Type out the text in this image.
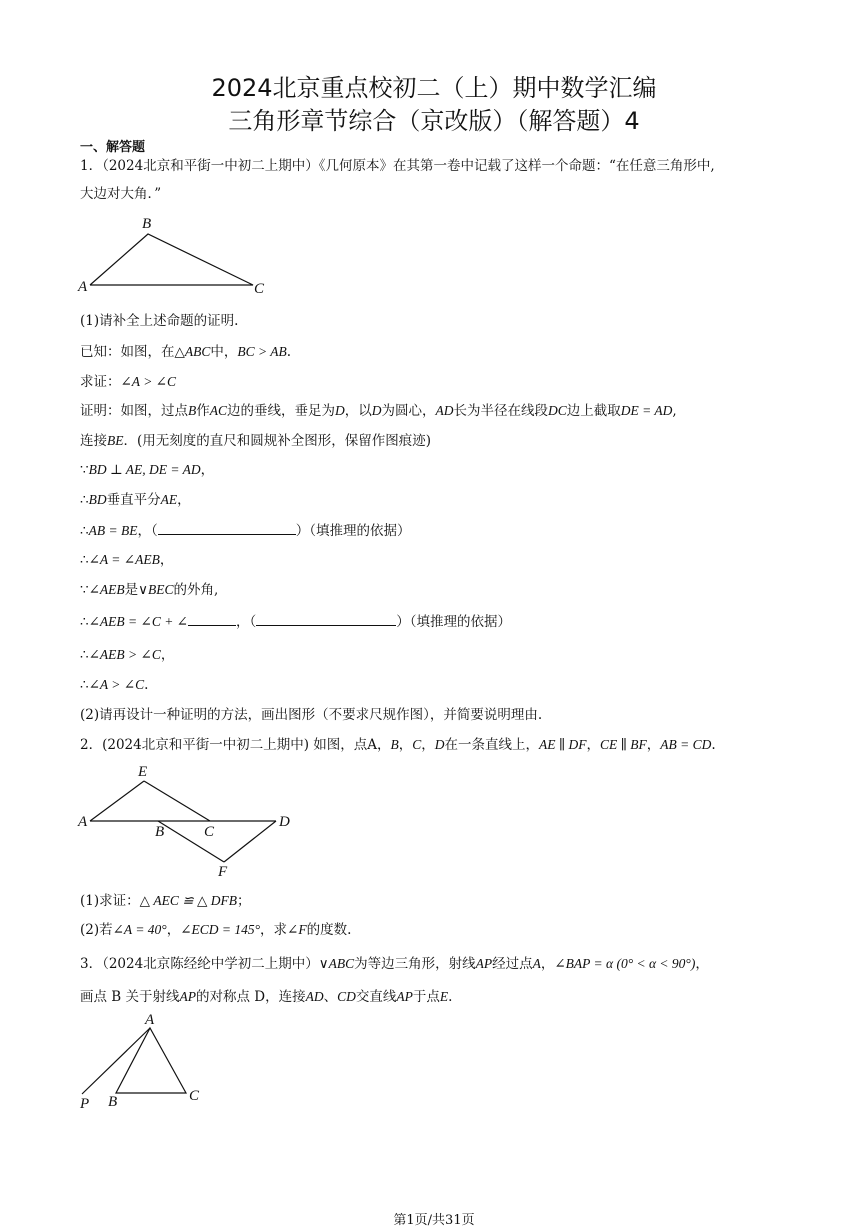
2024北京重点校初二（上）期中数学汇编
三角形章节综合（京改版）（解答题）4
一、解答题
1．（2024北京和平街一中初二上期中）《几何原本》在其第一卷中记载了这样一个命题：“在任意三角形中,
大边对大角．”
B
A	C
(1)请补全上述命题的证明.
已知：如图，在△ABC中，BC > AB.
求证：∠A > ∠C
证明：如图，过点B作AC边的垂线，垂足为D，以D为圆心，AD长为半径在线段DC边上截取DE = AD,
连接BE．(用无刻度的直尺和圆规补全图形，保留作图痕迹)
∵BD ⊥ AE, DE = AD，
∴BD垂直平分AE，
∴AB = BE，（	）（填推理的依据）
∴∠A = ∠AEB，
∵∠AEB是∨BEC的外角,
∴∠AEB = ∠C + ∠	，（	）（填推理的依据）
∴∠AEB > ∠C，
∴∠A > ∠C.
(2)请再设计一种证明的方法，画出图形（不要求尺规作图），并简要说明理由.
2．(2024北京和平街一中初二上期中) 如图，点A，B，C，D在一条直线上，AE ∥ DF，CE ∥ BF，AB = CD.
E
A
B	C
D
F
(1)求证：△ AEC ≌ △ DFB；
(2)若∠A = 40°，∠ECD = 145°，求∠F的度数.
3．（2024北京陈经纶中学初二上期中）∨ABC为等边三角形，射线AP经过点A，∠BAP = α (0° < α < 90°)，
画点 B 关于射线AP的对称点 D，连接AD、CD交直线AP于点E.
A
P B	C
第1页/共31页
